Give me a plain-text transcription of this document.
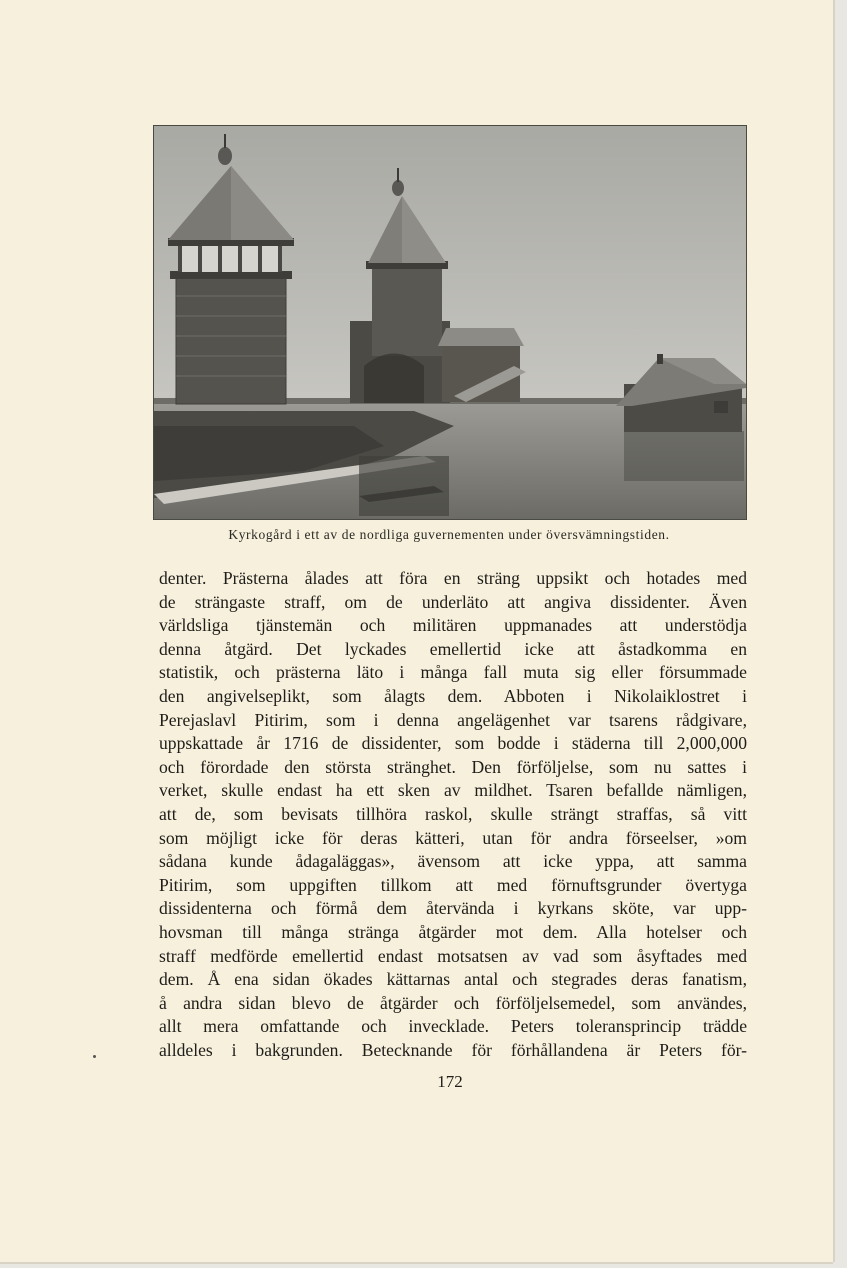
Kyrkogård i ett av de nordliga guvernementen under översvämningstiden.
denter. Prästerna ålades att föra en sträng uppsikt och hotades med
de strängaste straff, om de underläto att angiva dissidenter. Även
världsliga tjänstemän och militären uppmanades att understödja
denna åtgärd. Det lyckades emellertid icke att åstadkomma en
statistik, och prästerna läto i många fall muta sig eller försummade
den angivelseplikt, som ålagts dem. Abboten i Nikolaiklostret i
Perejaslavl Pitirim, som i denna angelägenhet var tsarens rådgivare,
uppskattade år 1716 de dissidenter, som bodde i städerna till 2,000,000
och förordade den största stränghet. Den förföljelse, som nu sattes i
verket, skulle endast ha ett sken av mildhet. Tsaren befallde nämligen,
att de, som bevisats tillhöra raskol, skulle strängt straffas, så vitt
som möjligt icke för deras kätteri, utan för andra förseelser, »om
sådana kunde ådagaläggas», ävensom att icke yppa, att samma
Pitirim, som uppgiften tillkom att med förnuftsgrunder övertyga
dissidenterna och förmå dem återvända i kyrkans sköte, var upp-
hovsman till många stränga åtgärder mot dem. Alla hotelser och
straff medförde emellertid endast motsatsen av vad som åsyftades med
dem. Å ena sidan ökades kättarnas antal och stegrades deras fanatism,
å andra sidan blevo de åtgärder och förföljelsemedel, som användes,
allt mera omfattande och invecklade. Peters toleransprincip trädde
alldeles i bakgrunden. Betecknande för förhållandena är Peters för-
172
